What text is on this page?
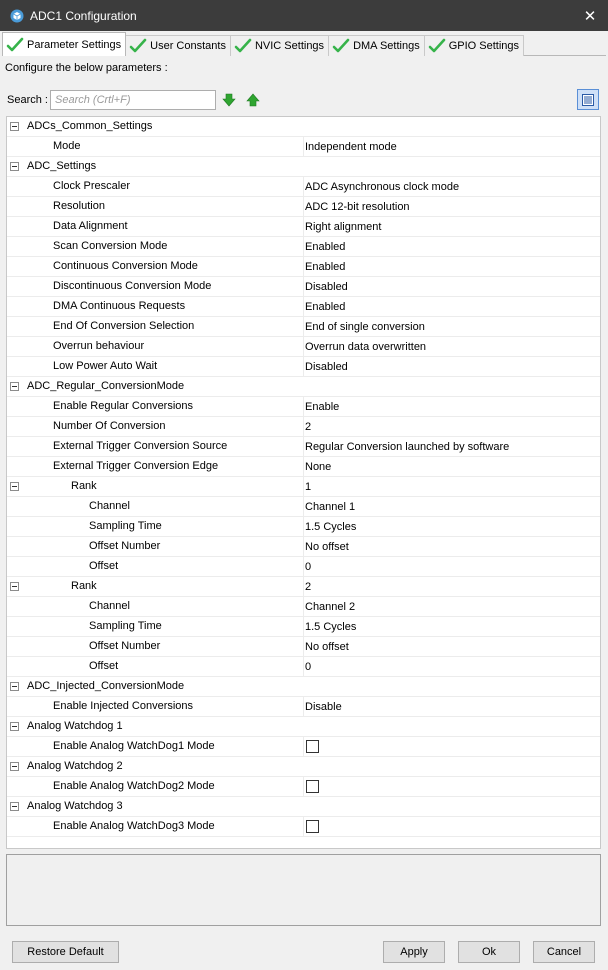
ADC1 Configuration	✕
Parameter Settings	User Constants	NVIC Settings	DMA Settings	GPIO Settings
Configure the below parameters :
Search :
Search (Crtl+F)
ADCs_Common_Settings
Mode	Independent mode
ADC_Settings
Clock Prescaler	ADC Asynchronous clock mode
Resolution	ADC 12-bit resolution
Data Alignment	Right alignment
Scan Conversion Mode	Enabled
Continuous Conversion Mode	Enabled
Discontinuous Conversion Mode	Disabled
DMA Continuous Requests	Enabled
End Of Conversion Selection	End of single conversion
Overrun behaviour	Overrun data overwritten
Low Power Auto Wait	Disabled
ADC_Regular_ConversionMode
Enable Regular Conversions	Enable
Number Of Conversion	2
External Trigger Conversion Source	Regular Conversion launched by software
External Trigger Conversion Edge	None
Rank	1
Channel	Channel 1
Sampling Time	1.5 Cycles
Offset Number	No offset
Offset	0
Rank	2
Channel	Channel 2
Sampling Time	1.5 Cycles
Offset Number	No offset
Offset	0
ADC_Injected_ConversionMode
Enable Injected Conversions	Disable
Analog Watchdog 1
Enable Analog WatchDog1 Mode
Analog Watchdog 2
Enable Analog WatchDog2 Mode
Analog Watchdog 3
Enable Analog WatchDog3 Mode
Restore Default	Apply	Ok	Cancel
